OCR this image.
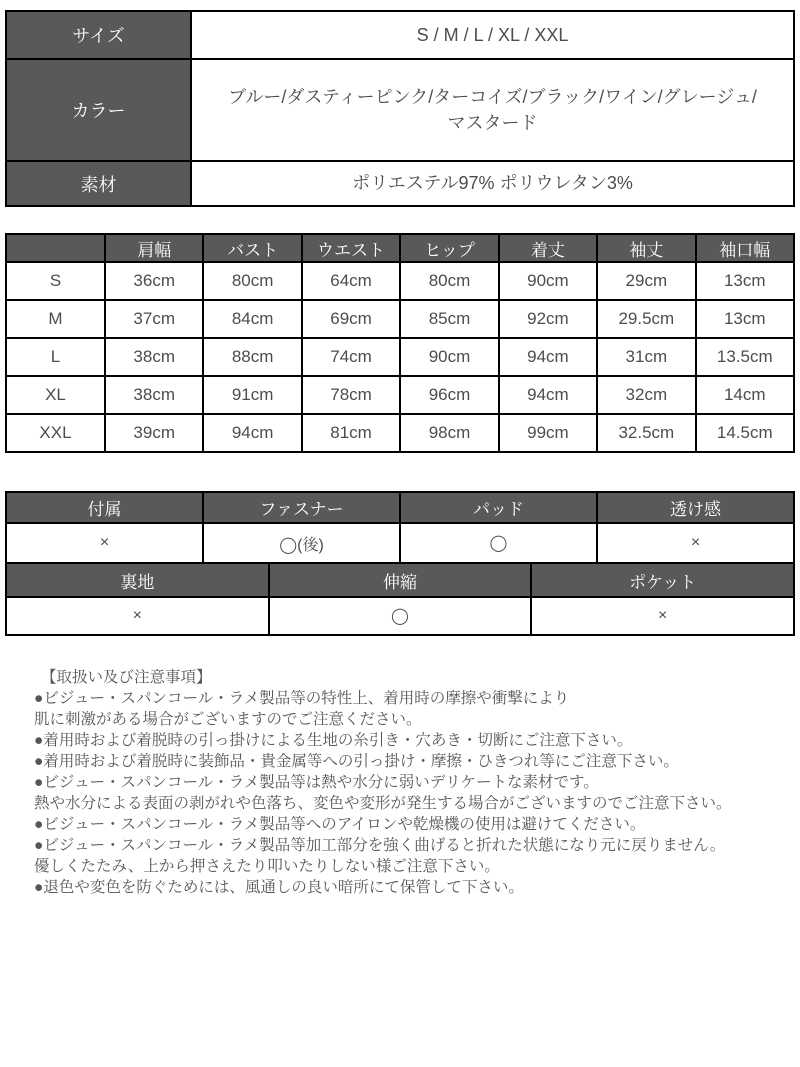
サイズ	S / M / L / XL / XXL
カラー	ブルー/ダスティーピンク/ターコイズ/ブラック/ワイン/グレージュ/マスタード
素材	ポリエステル97% ポリウレタン3%
	肩幅	バスト	ウエスト	ヒップ	着丈	袖丈	袖口幅
S	36cm	80cm	64cm	80cm	90cm	29cm	13cm
M	37cm	84cm	69cm	85cm	92cm	29.5cm	13cm
L	38cm	88cm	74cm	90cm	94cm	31cm	13.5cm
XL	38cm	91cm	78cm	96cm	94cm	32cm	14cm
XXL	39cm	94cm	81cm	98cm	99cm	32.5cm	14.5cm
付属	ファスナー	パッド	透け感
×	◯(後)	◯	×
裏地	伸縮	ポケット
×	◯	×
【取扱い及び注意事項】
●ビジュー・スパンコール・ラメ製品等の特性上、着用時の摩擦や衝撃により
肌に刺激がある場合がございますのでご注意ください。
●着用時および着脱時の引っ掛けによる生地の糸引き・穴あき・切断にご注意下さい。
●着用時および着脱時に装飾品・貴金属等への引っ掛け・摩擦・ひきつれ等にご注意下さい。
●ビジュー・スパンコール・ラメ製品等は熱や水分に弱いデリケートな素材です。
熱や水分による表面の剥がれや色落ち、変色や変形が発生する場合がございますのでご注意下さい。
●ビジュー・スパンコール・ラメ製品等へのアイロンや乾燥機の使用は避けてください。
●ビジュー・スパンコール・ラメ製品等加工部分を強く曲げると折れた状態になり元に戻りません。
優しくたたみ、上から押さえたり叩いたりしない様ご注意下さい。
●退色や変色を防ぐためには、風通しの良い暗所にて保管して下さい。
